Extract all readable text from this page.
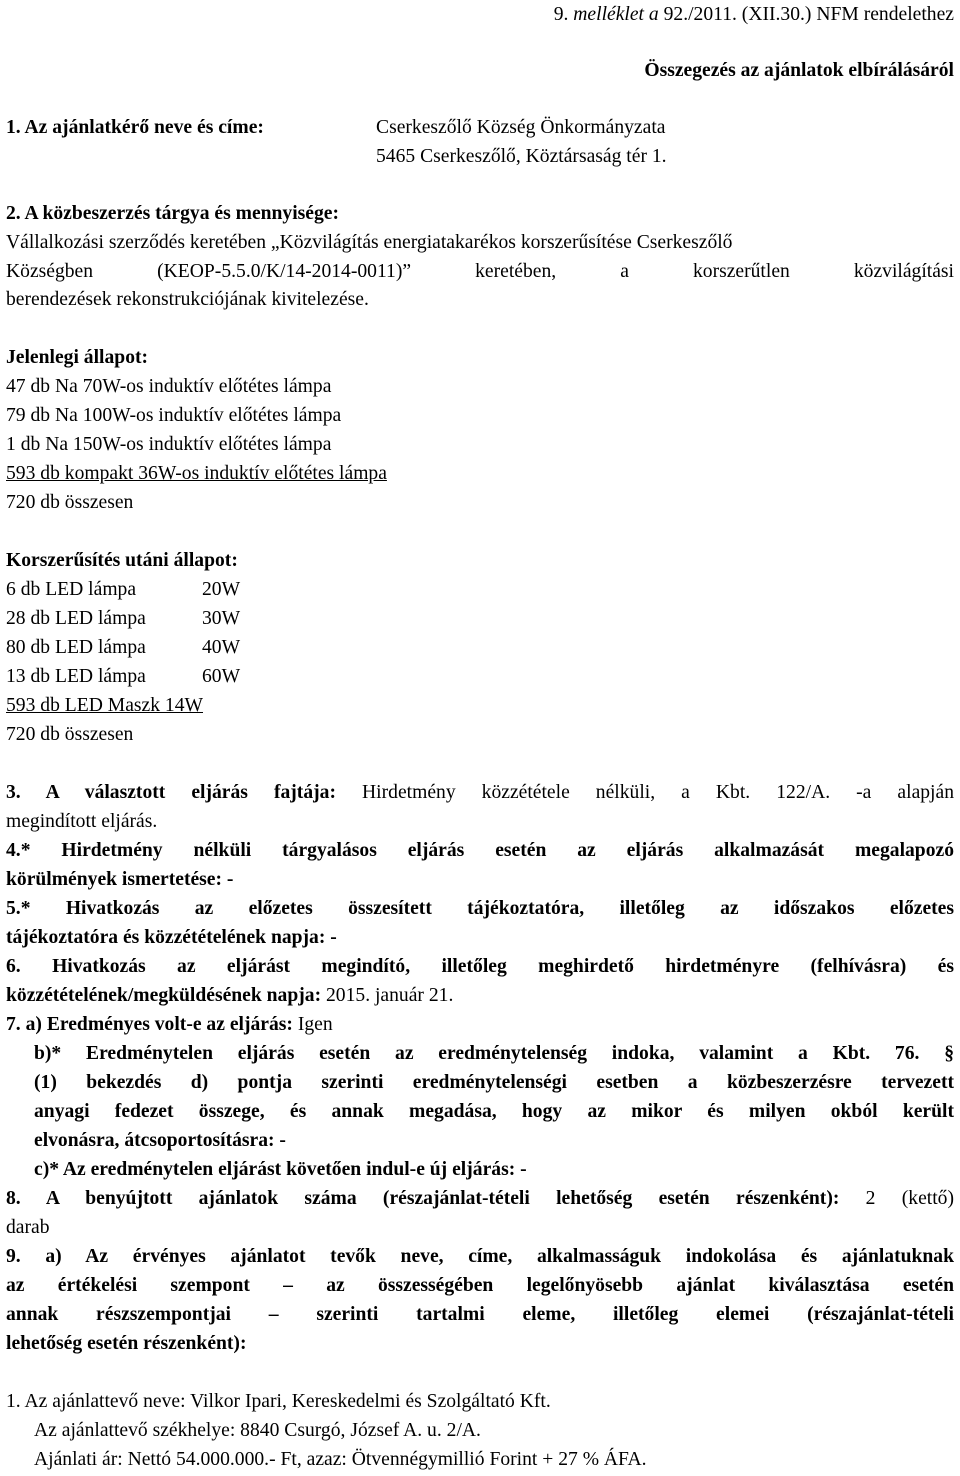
9. melléklet a 92./2011. (XII.30.) NFM rendelethez
Összegezés az ajánlatok elbírálásáról
1. Az ajánlatkérő neve és címe:	Cserkeszőlő Község Önkormányzata
5465 Cserkeszőlő, Köztársaság tér 1.
2. A közbeszerzés tárgya és mennyisége:
Vállalkozási szerződés keretében „Közvilágítás energiatakarékos korszerűsítése Cserkeszőlő
Községben (KEOP-5.5.0/K/14-2014-0011)” keretében, a korszerűtlen közvilágítási
berendezések rekonstrukciójának kivitelezése.
Jelenlegi állapot:
47 db Na 70W-os induktív előtétes lámpa
79 db Na 100W-os induktív előtétes lámpa
1 db Na 150W-os induktív előtétes lámpa
593 db kompakt 36W-os induktív előtétes lámpa
720 db összesen
Korszerűsítés utáni állapot:
6 db LED lámpa	20W
28 db LED lámpa	30W
80 db LED lámpa	40W
13 db LED lámpa	60W
593 db LED Maszk 14W
720 db összesen
3. A választott eljárás fajtája: Hirdetmény közzététele nélküli, a Kbt. 122/A. -a alapján
megindított eljárás.
4.* Hirdetmény nélküli tárgyalásos eljárás esetén az eljárás alkalmazását megalapozó
körülmények ismertetése: -
5.* Hivatkozás az előzetes összesített tájékoztatóra, illetőleg az időszakos előzetes
tájékoztatóra és közzétételének napja: -
6. Hivatkozás az eljárást megindító, illetőleg meghirdető hirdetményre (felhívásra) és
közzétételének/megküldésének napja: 2015. január 21.
7. a) Eredményes volt-e az eljárás: Igen
b)* Eredménytelen eljárás esetén az eredménytelenség indoka, valamint a Kbt. 76. §
(1) bekezdés d) pontja szerinti eredménytelenségi esetben a közbeszerzésre tervezett
anyagi fedezet összege, és annak megadása, hogy az mikor és milyen okból került
elvonásra, átcsoportosításra: -
c)* Az eredménytelen eljárást követően indul-e új eljárás: -
8. A benyújtott ajánlatok száma (részajánlat-tételi lehetőség esetén részenként): 2 (kettő)
darab
9. a) Az érvényes ajánlatot tevők neve, címe, alkalmasságuk indokolása és ajánlatuknak
az értékelési szempont – az összességében legelőnyösebb ajánlat kiválasztása esetén
annak részszempontjai – szerinti tartalmi eleme, illetőleg elemei (részajánlat-tételi
lehetőség esetén részenként):
1. Az ajánlattevő neve: Vilkor Ipari, Kereskedelmi és Szolgáltató Kft.
Az ajánlattevő székhelye: 8840 Csurgó, József A. u. 2/A.
Ajánlati ár: Nettó 54.000.000.- Ft, azaz: Ötvennégymillió Forint + 27 % ÁFA.
